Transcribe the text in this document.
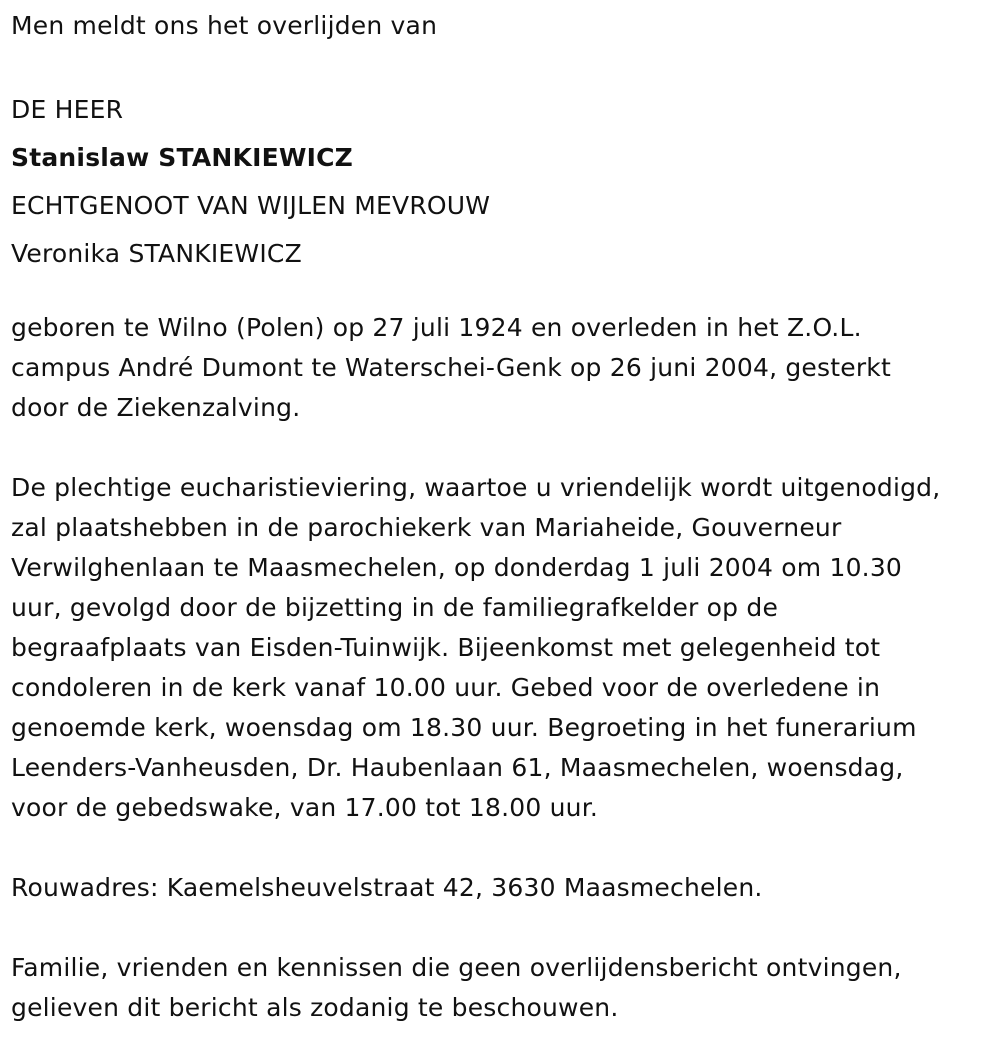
Men meldt ons het overlijden van
DE HEER
Stanislaw STANKIEWICZ
ECHTGENOOT VAN WIJLEN MEVROUW
Veronika STANKIEWICZ
geboren te Wilno (Polen) op 27 juli 1924 en overleden in het Z.O.L.
campus André Dumont te Waterschei-Genk op 26 juni 2004, gesterkt
door de Ziekenzalving.
De plechtige eucharistieviering, waartoe u vriendelijk wordt uitgenodigd,
zal plaatshebben in de parochiekerk van Mariaheide, Gouverneur
Verwilghenlaan te Maasmechelen, op donderdag 1 juli 2004 om 10.30
uur, gevolgd door de bijzetting in de familiegrafkelder op de
begraafplaats van Eisden-Tuinwijk. Bijeenkomst met gelegenheid tot
condoleren in de kerk vanaf 10.00 uur. Gebed voor de overledene in
genoemde kerk, woensdag om 18.30 uur. Begroeting in het funerarium
Leenders-Vanheusden, Dr. Haubenlaan 61, Maasmechelen, woensdag,
voor de gebedswake, van 17.00 tot 18.00 uur.
Rouwadres: Kaemelsheuvelstraat 42, 3630 Maasmechelen.
Familie, vrienden en kennissen die geen overlijdensbericht ontvingen,
gelieven dit bericht als zodanig te beschouwen.
